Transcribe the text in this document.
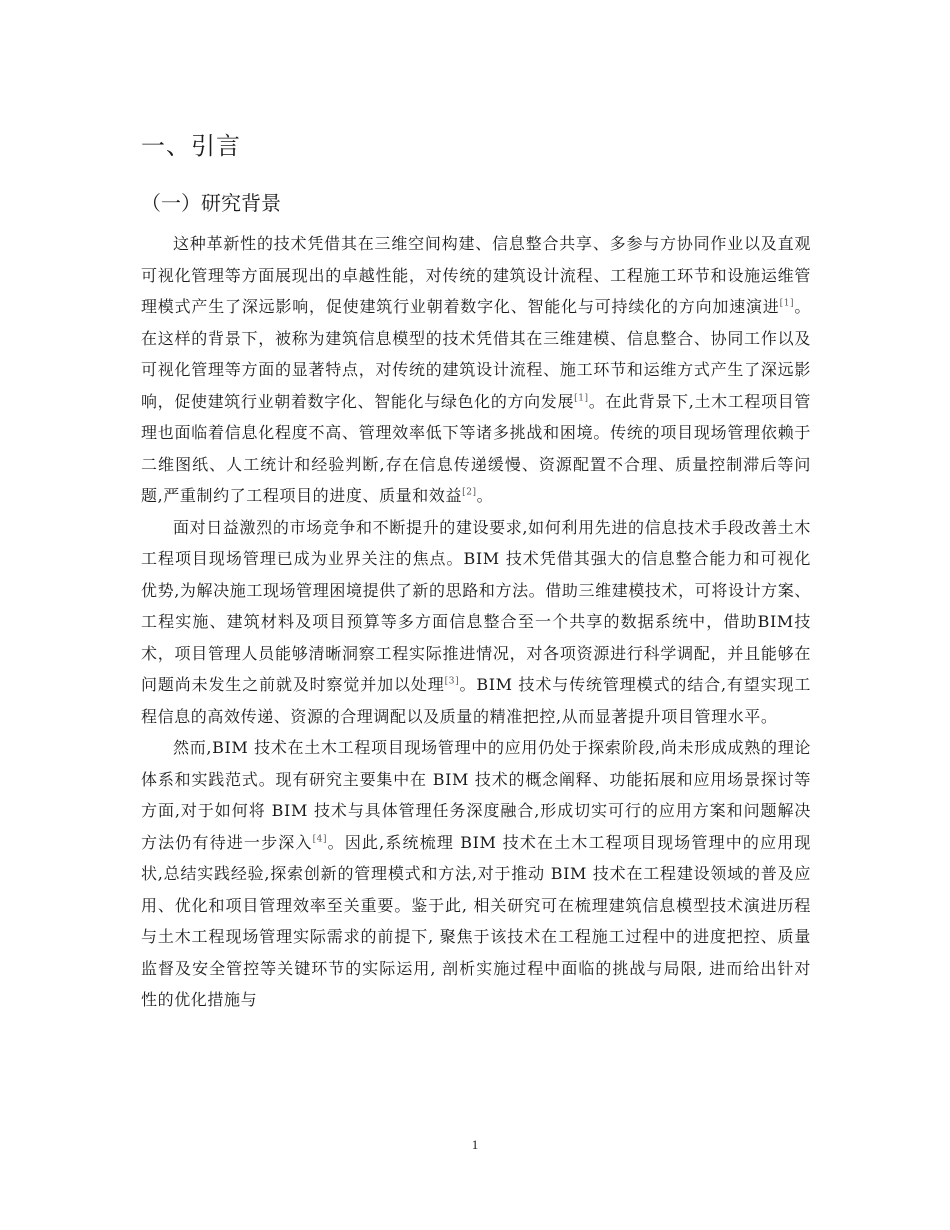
一、引言
（一）研究背景

这种革新性的技术凭借其在三维空间构建、信息整合共享、多参与方协同作业以及直观可视化管理等方面展现出的卓越性能，对传统的建筑设计流程、工程施工环节和设施运维管理模式产生了深远影响，促使建筑行业朝着数字化、智能化与可持续化的方向加速演进[1]。在这样的背景下，被称为建筑信息模型的技术凭借其在三维建模、信息整合、协同工作以及可视化管理等方面的显著特点，对传统的建筑设计流程、施工环节和运维方式产生了深远影响，促使建筑行业朝着数字化、智能化与绿色化的方向发展[1]。在此背景下,土木工程项目管理也面临着信息化程度不高、管理效率低下等诸多挑战和困境。传统的项目现场管理依赖于二维图纸、人工统计和经验判断,存在信息传递缓慢、资源配置不合理、质量控制滞后等问题,严重制约了工程项目的进度、质量和效益[2]。

面对日益激烈的市场竞争和不断提升的建设要求,如何利用先进的信息技术手段改善土木工程项目现场管理已成为业界关注的焦点。BIM 技术凭借其强大的信息整合能力和可视化优势,为解决施工现场管理困境提供了新的思路和方法。借助三维建模技术，可将设计方案、工程实施、建筑材料及项目预算等多方面信息整合至一个共享的数据系统中，借助BIM技术，项目管理人员能够清晰洞察工程实际推进情况，对各项资源进行科学调配，并且能够在问题尚未发生之前就及时察觉并加以处理[3]。BIM 技术与传统管理模式的结合,有望实现工程信息的高效传递、资源的合理调配以及质量的精准把控,从而显著提升项目管理水平。

然而,BIM 技术在土木工程项目现场管理中的应用仍处于探索阶段,尚未形成成熟的理论体系和实践范式。现有研究主要集中在 BIM 技术的概念阐释、功能拓展和应用场景探讨等方面,对于如何将 BIM 技术与具体管理任务深度融合,形成切实可行的应用方案和问题解决方法仍有待进一步深入[4]。因此,系统梳理 BIM 技术在土木工程项目现场管理中的应用现状,总结实践经验,探索创新的管理模式和方法,对于推动 BIM 技术在工程建设领域的普及应用、优化和项目管理效率至关重要。鉴于此, 相关研究可在梳理建筑信息模型技术演进历程与土木工程现场管理实际需求的前提下, 聚焦于该技术在工程施工过程中的进度把控、质量监督及安全管控等关键环节的实际运用, 剖析实施过程中面临的挑战与局限, 进而给出针对性的优化措施与

1
